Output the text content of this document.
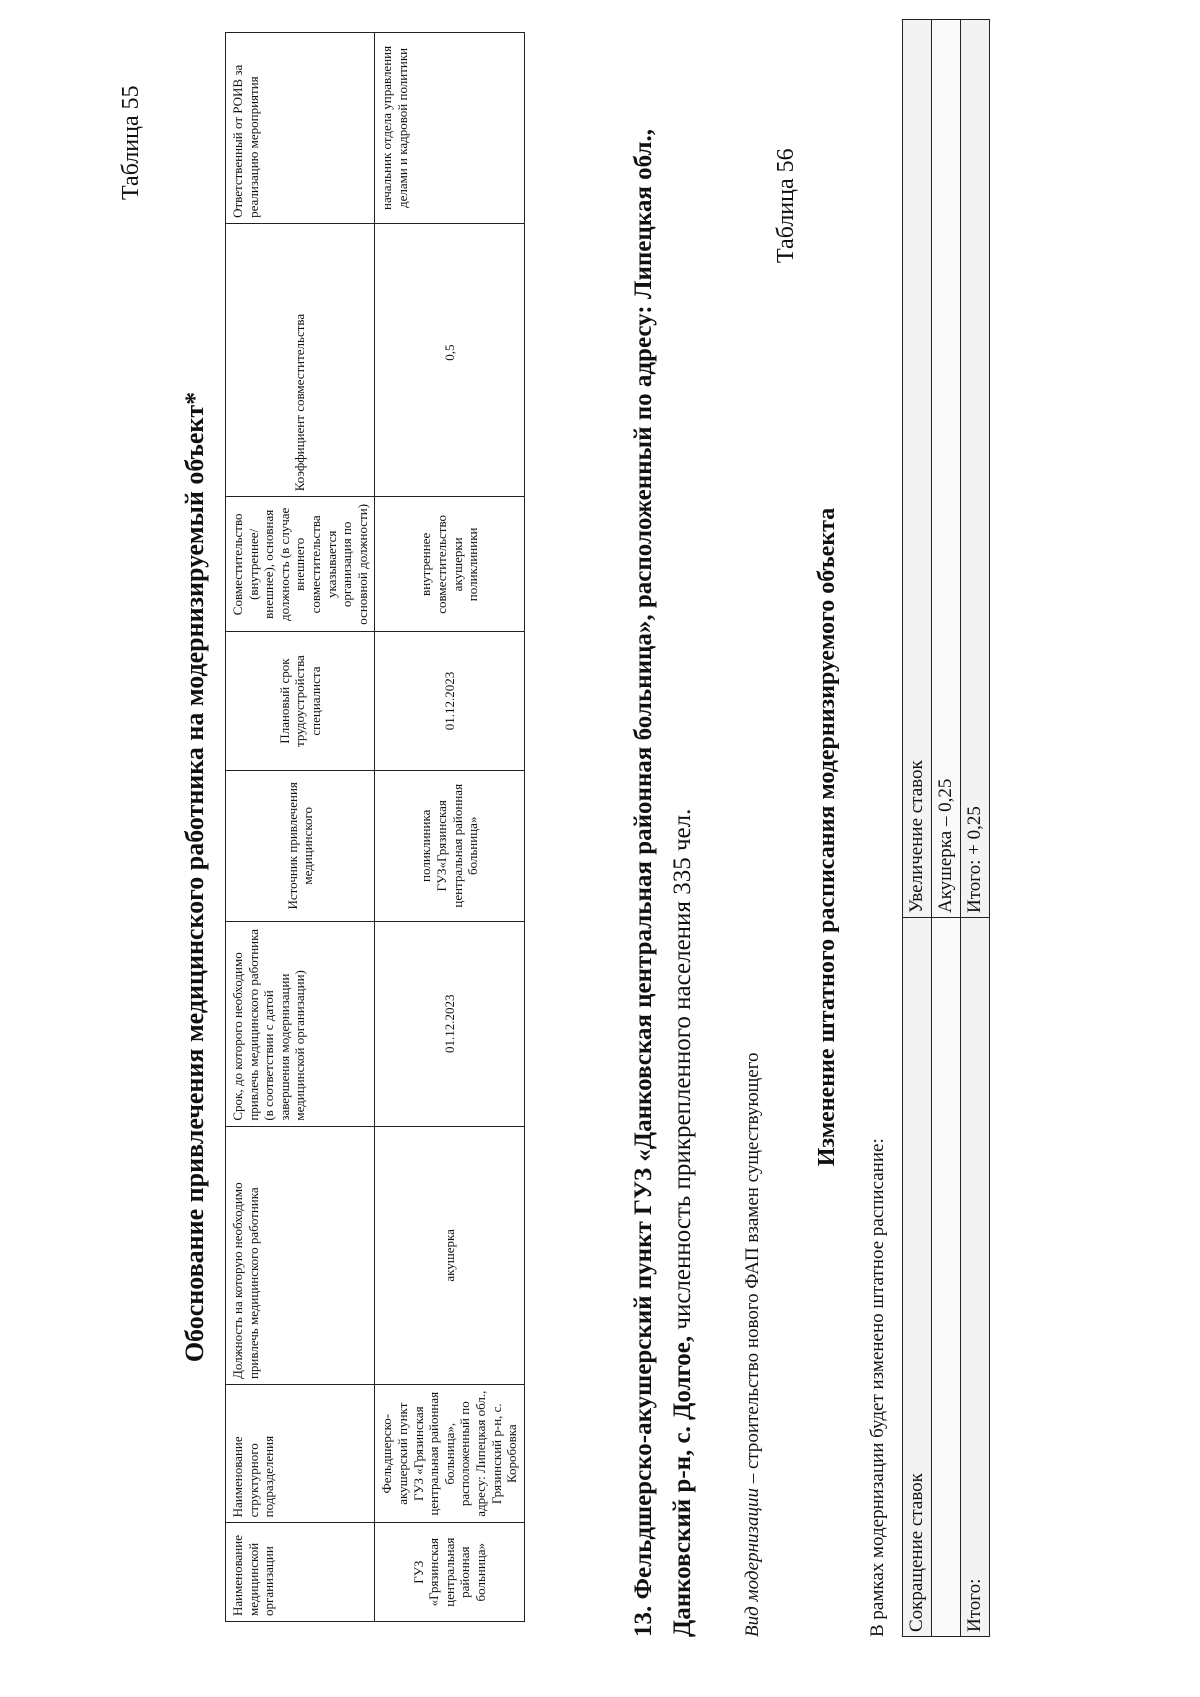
Таблица 55
Обоснование привлечения медицинского работника на модернизируемый объект*
Наименование медицинской организации	Наименование структурного подразделения	Должность на которую необходимо привлечь медицинского работника	Срок, до которого необходимо привлечь медицинского работника (в соответствии с датой завершения модернизации медицинской организации)	Источник привлечения медицинского	Плановый срок трудоустройства специалиста	Совместительство (внутреннее/внешнее), основная должность (в случае внешнего совместительства указывается организация по основной должности)	Коэффициент совместительства	Ответственный от РОИВ за реализацию мероприятия
ГУЗ «Грязинская центральная районная больница»	Фельдшерско-акушерский пункт ГУЗ «Грязинская центральная районная больница», расположенный по адресу: Липецкая обл., Грязинский р-н, с. Коробовка	акушерка	01.12.2023	поликлиника ГУЗ«Грязинская центральная районная больница»	01.12.2023	внутреннее совместительство акушерки поликлиники	0,5	начальник отдела управления делами и кадровой политики
13. Фельдшерско-акушерский пункт ГУЗ «Данковская центральная районная больница», расположенный по адресу: Липецкая обл., Данковский р-н, с. Долгое, численность прикрепленного населения 335 чел.
Вид модернизации – строительство нового ФАП взамен существующего
Таблица 56
Изменение штатного расписания модернизируемого объекта
В рамках модернизации будет изменено штатное расписание: Сокращение ставок	Увеличение ставок
	Акушерка – 0,25
Итого:	Итого: + 0,25
